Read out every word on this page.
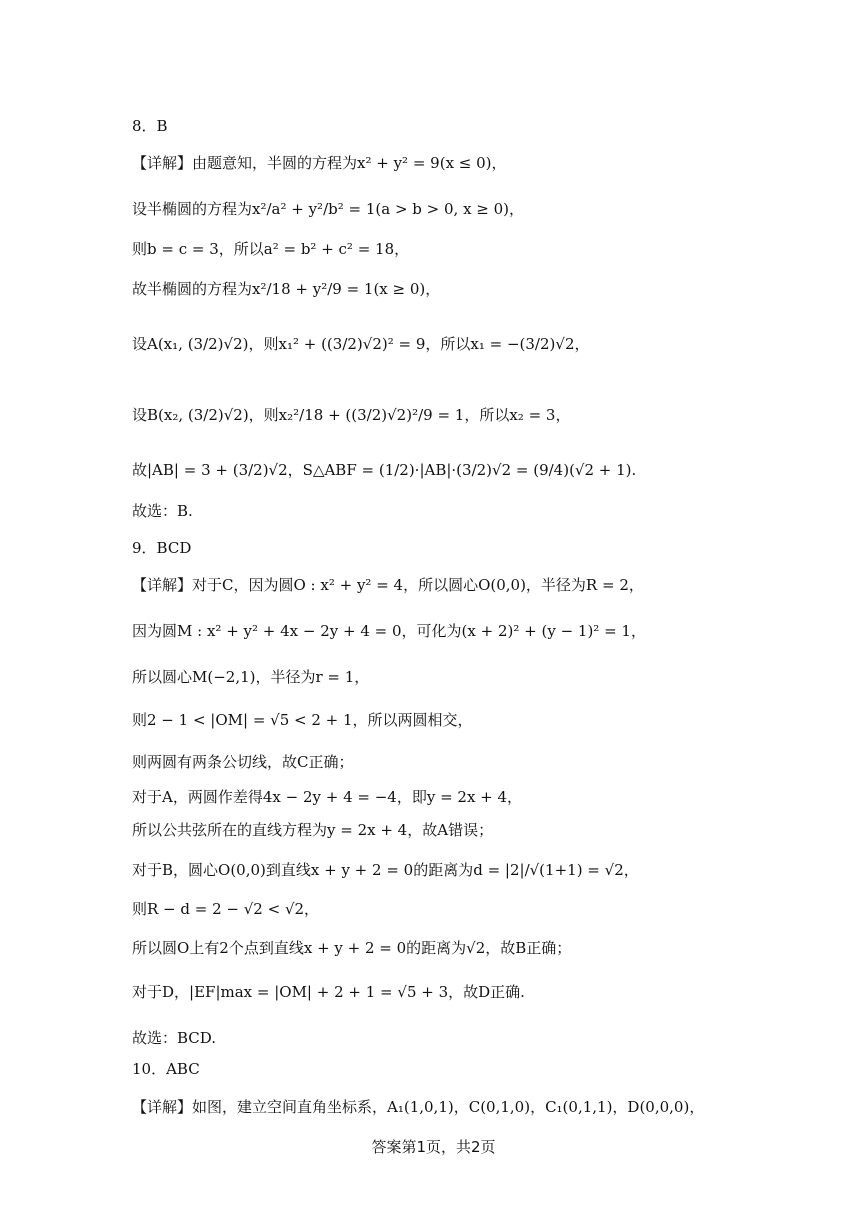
8．B
【详解】由题意知，半圆的方程为x² + y² = 9(x ≤ 0)，
设半椭圆的方程为x²/a² + y²/b² = 1(a > b > 0, x ≥ 0)，
则b = c = 3，所以a² = b² + c² = 18，
故半椭圆的方程为x²/18 + y²/9 = 1(x ≥ 0)，
设A(x₁, (3/2)√2)，则x₁² + ((3/2)√2)² = 9，所以x₁ = −(3/2)√2，
设B(x₂, (3/2)√2)，则x₂²/18 + ((3/2)√2)²/9 = 1，所以x₂ = 3，
故|AB| = 3 + (3/2)√2，S△ABF = (1/2)·|AB|·(3/2)√2 = (9/4)(√2 + 1).
故选：B.
9．BCD
【详解】对于C，因为圆O : x² + y² = 4，所以圆心O(0,0)，半径为R = 2，
因为圆M : x² + y² + 4x − 2y + 4 = 0，可化为(x + 2)² + (y − 1)² = 1，
所以圆心M(−2,1)，半径为r = 1，
则2 − 1 < |OM| = √5 < 2 + 1，所以两圆相交，
则两圆有两条公切线，故C正确；
对于A，两圆作差得4x − 2y + 4 = −4，即y = 2x + 4，
所以公共弦所在的直线方程为y = 2x + 4，故A错误；
对于B，圆心O(0,0)到直线x + y + 2 = 0的距离为d = |2|/√(1+1) = √2，
则R − d = 2 − √2 < √2，
所以圆O上有2个点到直线x + y + 2 = 0的距离为√2，故B正确；
对于D，|EF|max = |OM| + 2 + 1 = √5 + 3，故D正确.
故选：BCD.
10．ABC
【详解】如图，建立空间直角坐标系，A₁(1,0,1)，C(0,1,0)，C₁(0,1,1)，D(0,0,0)，
答案第1页，共2页
